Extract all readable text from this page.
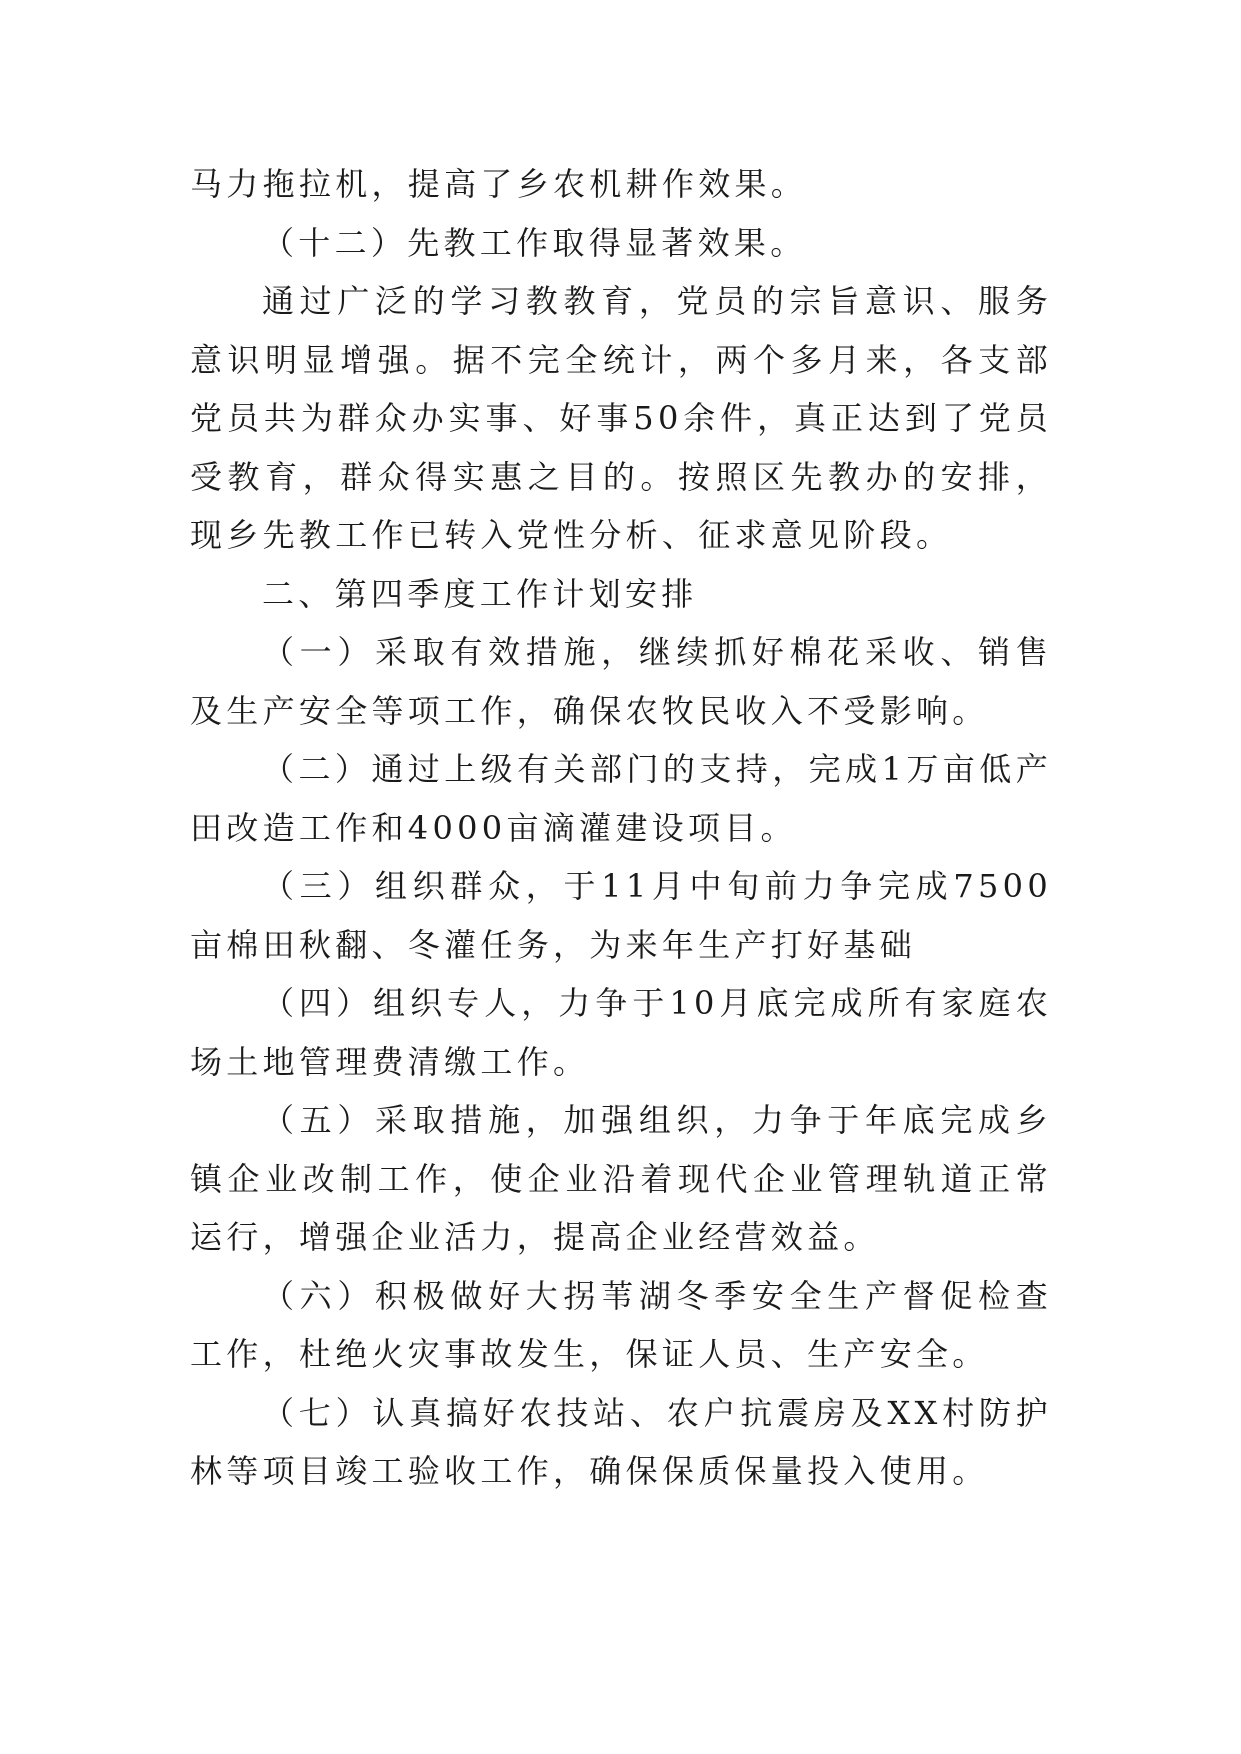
马力拖拉机，提高了乡农机耕作效果。

（十二）先教工作取得显著效果。

通过广泛的学习教教育，党员的宗旨意识、服务意识明显增强。据不完全统计，两个多月来，各支部党员共为群众办实事、好事50余件，真正达到了党员受教育，群众得实惠之目的。按照区先教办的安排，现乡先教工作已转入党性分析、征求意见阶段。

二、第四季度工作计划安排

（一）采取有效措施，继续抓好棉花采收、销售及生产安全等项工作，确保农牧民收入不受影响。

（二）通过上级有关部门的支持，完成1万亩低产田改造工作和4000亩滴灌建设项目。

（三）组织群众，于11月中旬前力争完成7500亩棉田秋翻、冬灌任务，为来年生产打好基础

（四）组织专人，力争于10月底完成所有家庭农场土地管理费清缴工作。

（五）采取措施，加强组织，力争于年底完成乡镇企业改制工作，使企业沿着现代企业管理轨道正常运行，增强企业活力，提高企业经营效益。

（六）积极做好大拐苇湖冬季安全生产督促检查工作，杜绝火灾事故发生，保证人员、生产安全。

（七）认真搞好农技站、农户抗震房及XX村防护林等项目竣工验收工作，确保保质保量投入使用。
